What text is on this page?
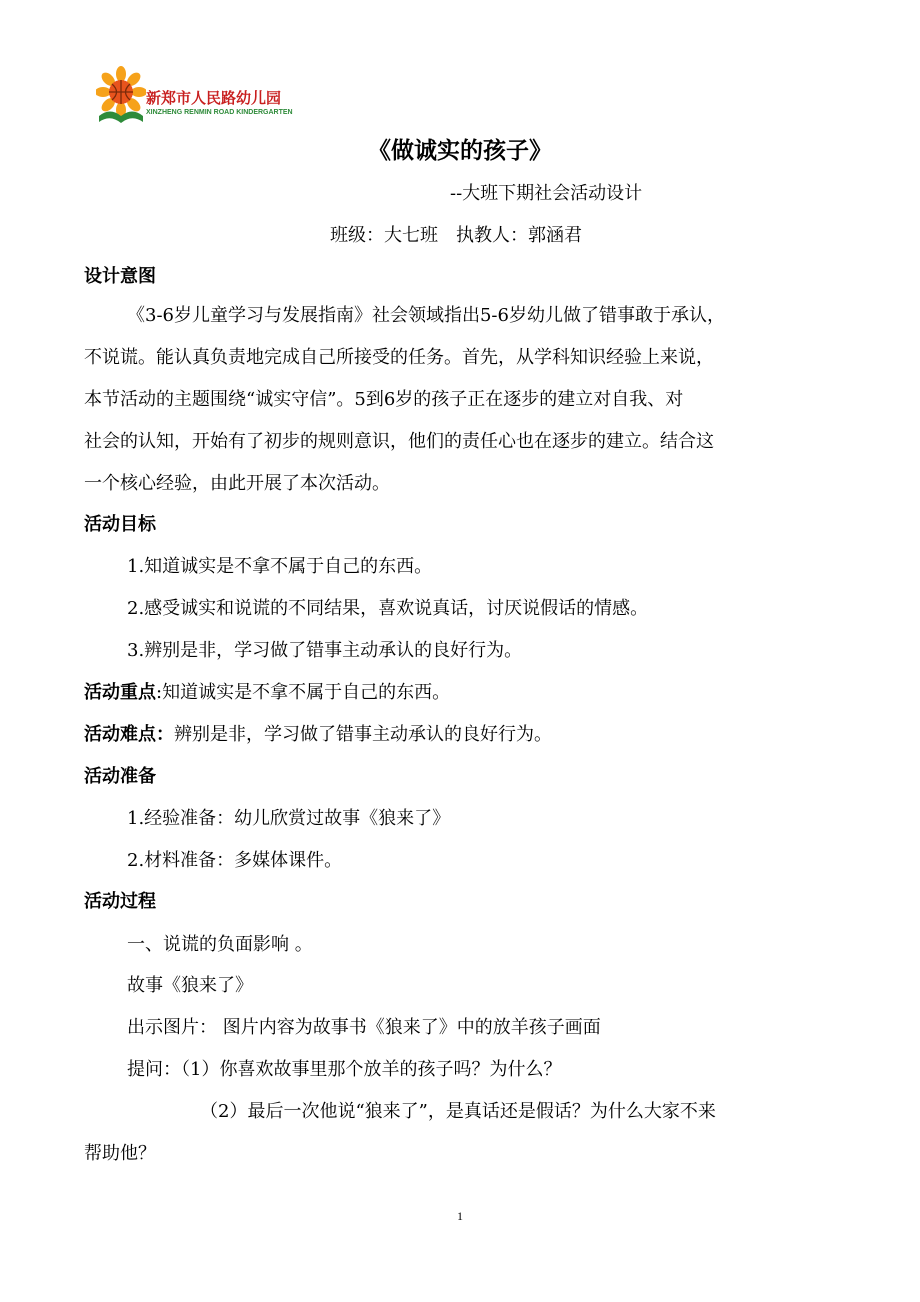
新郑市人民路幼儿园
XINZHENG RENMIN ROAD KINDERGARTEN
《做诚实的孩子》

--大班下期社会活动设计

班级：大七班　执教人：郭涵君

设计意图

《3-6岁儿童学习与发展指南》社会领域指出5-6岁幼儿做了错事敢于承认，

不说谎。能认真负责地完成自己所接受的任务。首先，从学科知识经验上来说，

本节活动的主题围绕“诚实守信”。5到6岁的孩子正在逐步的建立对自我、对

社会的认知，开始有了初步的规则意识，他们的责任心也在逐步的建立。结合这

一个核心经验，由此开展了本次活动。

活动目标

1.知道诚实是不拿不属于自己的东西。

2.感受诚实和说谎的不同结果，喜欢说真话，讨厌说假话的情感。

3.辨别是非，学习做了错事主动承认的良好行为。

活动重点:知道诚实是不拿不属于自己的东西。

活动难点：辨别是非，学习做了错事主动承认的良好行为。

活动准备

1.经验准备：幼儿欣赏过故事《狼来了》

2.材料准备：多媒体课件。

活动过程

一、说谎的负面影响 。

故事《狼来了》

出示图片： 图片内容为故事书《狼来了》中的放羊孩子画面

提问：（1）你喜欢故事里那个放羊的孩子吗？为什么？

（2）最后一次他说“狼来了”，是真话还是假话？为什么大家不来

帮助他？

1
